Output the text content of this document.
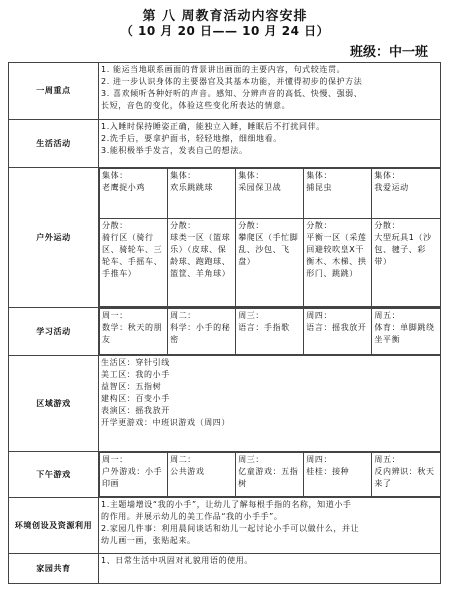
第 八 周教育活动内容安排
（ 10 月 20 日—— 10 月 24 日）
班级：中一班
一周重点	
1. 能运当地联系画面的背景讲出画面的主要内容，句式较连贯。
2. 进一步认识身体的主要器官及其基本功能，并懂得初步的保护方法
3. 喜欢倾听各种好听的声音。感知、分辨声音的高低、快慢、强弱、
长短，音色的变化，体验这些变化所表达的情意。

生活活动	
1.入睡时保持睡姿正确，能独立入睡，睡眠后不打扰同伴。
2.洗手后，要拿护面书，轻轻地擦，细细地看。
3.能积极举手发言，发表自己的想法。

户外运动	
集体：
老鹰捉小鸡	
集体：
欢乐跳跳球	
集体：
采园保卫战	
集体：
捕昆虫	
集体：
我爱运动

分散：
骑行区（骑行区、骑轮车、三轮车、手摇车、手推车）	
分散：
球类一区（篮球乐）（皮球、保龄球、跑跑球、篮筐、羊角球）	
分散：
攀爬区（手忙脚乱、沙包、飞盘）	
分散：
平衡一区（采莲回避较吹皇X干衡木、木梯、拱形门、跳跳）	
分散：
大型玩具1（沙包、毽子、彩带）

学习活动	
周一：
数学：秋天的朋友	
周二：
科学：小手的秘密	
周三：
语言：手指歌	
周四：
语言：摇我放开	
周五：
体育：单脚跳绕坐平衡

区域游戏	
生活区：穿针引线
美工区：我的小手
益智区：五指树
建构区：百变小手
表演区：摇我放开
开学更游戏：中班识游戏（周四）

下午游戏	
周一：
户外游戏：小手印画	
周二：
公共游戏	
周三：
亿童游戏：五指树	
周四：
桂桂：接种	
周五：
反内辨识：秋天来了

环境创设及资源利用	
1.主题墙增设“我的小手”，让幼儿了解每根手指的名称，知道小手
的作用。并展示幼儿的美工作品“我的小手手”。
2.家园几件事：利用晨间谈话和幼儿一起讨论小手可以做什么，并让
幼儿画一画，张贴起来。

家园共育	
1、日常生活中巩固对礼貌用语的使用。
